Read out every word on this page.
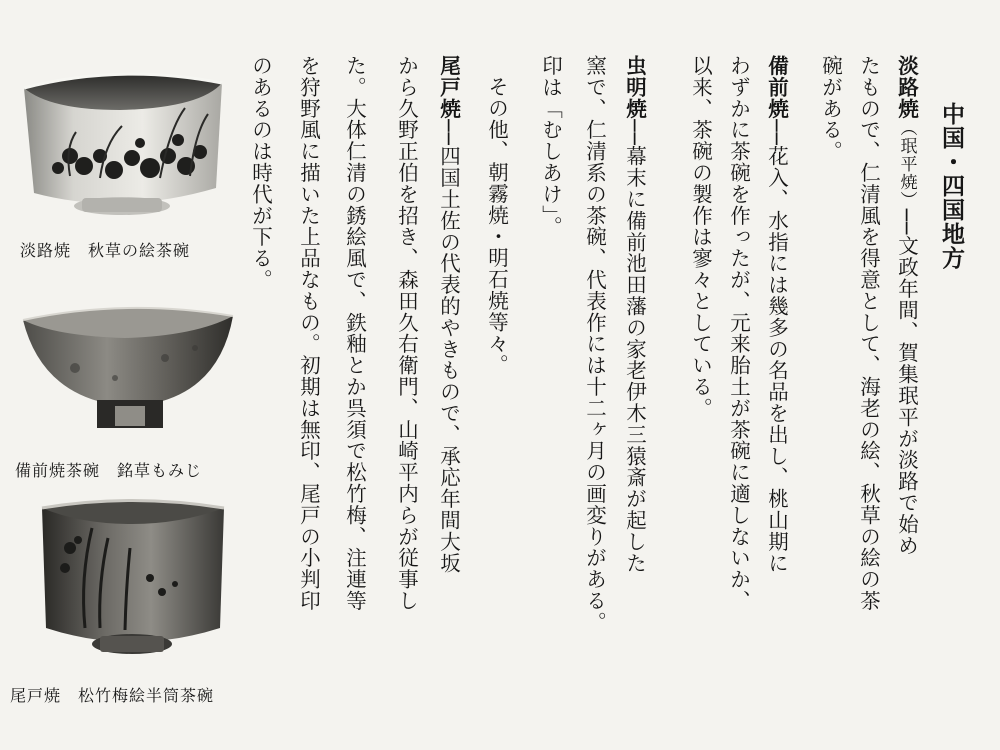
淡路焼　秋草の絵茶碗
備前焼茶碗　銘草もみじ
尾戸焼　松竹梅絵半筒茶碗
中国・四国地方
淡路焼（珉平焼）──文政年間、賀集珉平が淡路で始め
たもので、仁清風を得意として、海老の絵、秋草の絵の茶
碗がある。
備前焼──花入、水指には幾多の名品を出し、桃山期に
わずかに茶碗を作ったが、元来胎土が茶碗に適しないか、
以来、茶碗の製作は寥々としている。
虫明焼──幕末に備前池田藩の家老伊木三猿斎が起した
窯で、仁清系の茶碗、代表作には十二ヶ月の画変りがある。
印は「むしあけ」。
その他、朝霧焼・明石焼等々。
尾戸焼──四国土佐の代表的やきもので、承応年間大坂
から久野正伯を招き、森田久右衛門、山崎平内らが従事し
た。大体仁清の銹絵風で、鉄釉とか呉須で松竹梅、注連等
を狩野風に描いた上品なもの。初期は無印、尾戸の小判印
のあるのは時代が下る。
